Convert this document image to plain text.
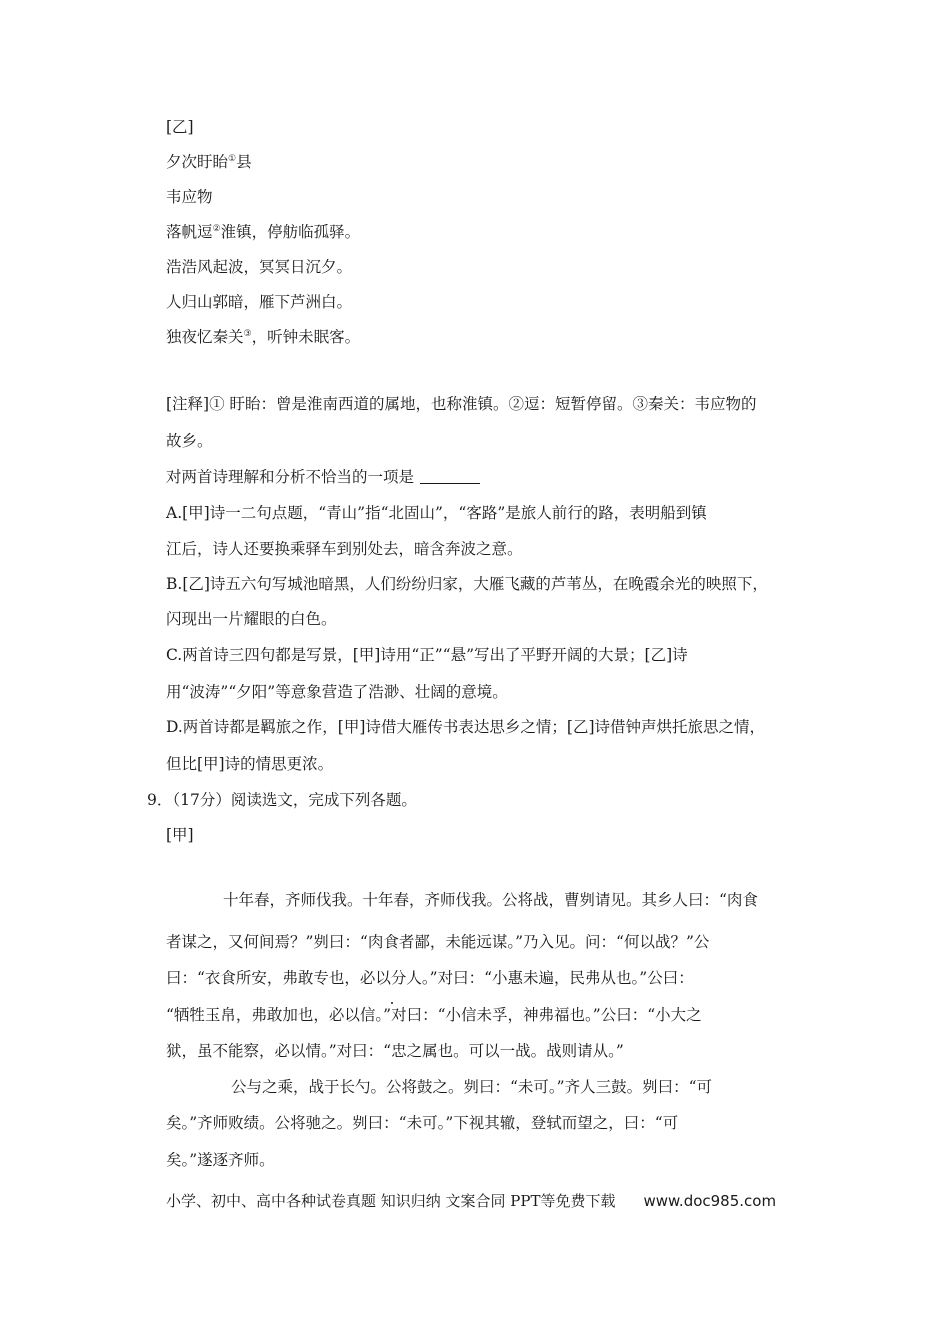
[乙]
夕次盱眙①县
韦应物
落帆逗②淮镇，停舫临孤驿。
浩浩风起波，冥冥日沉夕。
人归山郭暗，雁下芦洲白。
独夜忆秦关③，听钟未眠客。
[注释]① 盱眙：曾是淮南西道的属地，也称淮镇。②逗：短暂停留。③秦关：韦应物的
故乡。
对两首诗理解和分析不恰当的一项是
A.[甲]诗一二句点题，“青山”指“北固山”，“客路”是旅人前行的路，表明船到镇
江后，诗人还要换乘驿车到别处去，暗含奔波之意。
B.[乙]诗五六句写城池暗黑，人们纷纷归家，大雁飞藏的芦苇丛，在晚霞余光的映照下，
闪现出一片耀眼的白色。
C.两首诗三四句都是写景，[甲]诗用“正”“悬”写出了平野开阔的大景；[乙]诗
用“波涛”“夕阳”等意象营造了浩渺、壮阔的意境。
D.两首诗都是羁旅之作，[甲]诗借大雁传书表达思乡之情；[乙]诗借钟声烘托旅思之情，
但比[甲]诗的情思更浓。
9．（17分）阅读选文，完成下列各题。
[甲]
十年春，齐师伐我。十年春，齐师伐我。公将战，曹刿请见。其乡人曰：“肉食
者谋之，又何间焉？”刿曰：“肉食者鄙，未能远谋。”乃入见。问：“何以战？”公
曰：“衣食所安，弗敢专也，必以分人。”对曰：“小惠未遍，民弗从也。”公曰：
“牺牲玉帛，弗敢加也，必以信。”对曰：“小信未孚，神弗福也。”公曰：“小大之
狱，虽不能察，必以情。”对曰：“忠之属也。可以一战。战则请从。”
公与之乘，战于长勺。公将鼓之。刿曰：“未可。”齐人三鼓。刿曰：“可
矣。”齐师败绩。公将驰之。刿曰：“未可。”下视其辙，登轼而望之，曰：“可
矣。”遂逐齐师。
小学、初中、高中各种试卷真题 知识归纳 文案合同 PPT等免费下载 www.doc985.com
